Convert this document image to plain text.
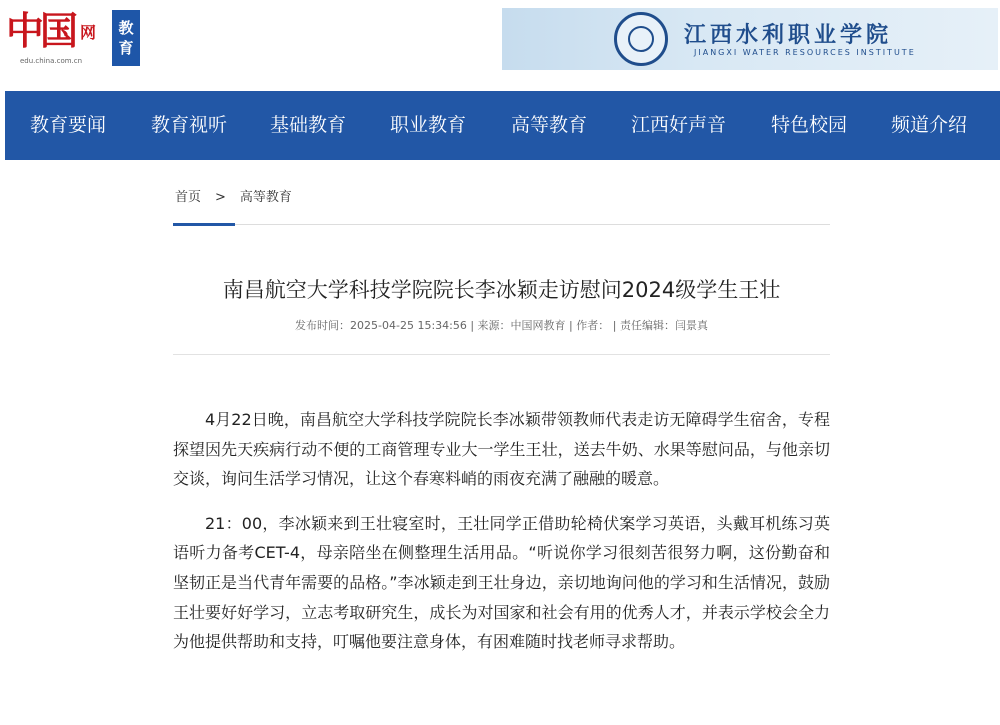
中国 网
edu.china.com.cn
教
育	江西水利职业学院
JIANGXI WATER RESOURCES INSTITUTE
教育要闻 教育视听 基础教育 职业教育 高等教育 江西好声音 特色校园 频道介绍
首页 > 高等教育
南昌航空大学科技学院院长李冰颖走访慰问2024级学生王壮
发布时间：2025-04-25 15:34:56 | 来源：中国网教育 | 作者： | 责任编辑：闫景真

4月22日晚，南昌航空大学科技学院院长李冰颖带领教师代表走访无障碍学生宿舍，专程探望因先天疾病行动不便的工商管理专业大一学生王壮，送去牛奶、水果等慰问品，与他亲切交谈，询问生活学习情况，让这个春寒料峭的雨夜充满了融融的暖意。

21：00，李冰颖来到王壮寝室时，王壮同学正借助轮椅伏案学习英语，头戴耳机练习英语听力备考CET-4，母亲陪坐在侧整理生活用品。“听说你学习很刻苦很努力啊，这份勤奋和坚韧正是当代青年需要的品格。”李冰颖走到王壮身边，亲切地询问他的学习和生活情况，鼓励王壮要好好学习，立志考取研究生，成长为对国家和社会有用的优秀人才，并表示学校会全力为他提供帮助和支持，叮嘱他要注意身体，有困难随时找老师寻求帮助。
